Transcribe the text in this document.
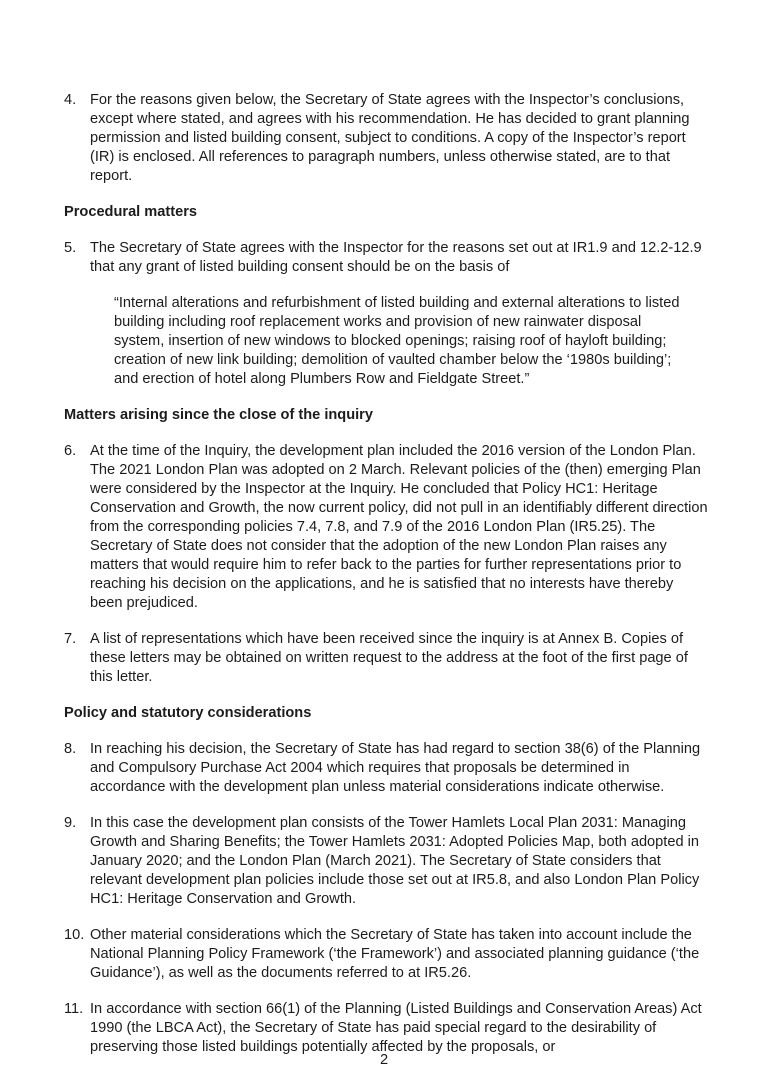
4. For the reasons given below, the Secretary of State agrees with the Inspector’s conclusions, except where stated, and agrees with his recommendation. He has decided to grant planning permission and listed building consent, subject to conditions. A copy of the Inspector’s report (IR) is enclosed. All references to paragraph numbers, unless otherwise stated, are to that report.
Procedural matters
5. The Secretary of State agrees with the Inspector for the reasons set out at IR1.9 and 12.2-12.9 that any grant of listed building consent should be on the basis of
“Internal alterations and refurbishment of listed building and external alterations to listed building including roof replacement works and provision of new rainwater disposal system, insertion of new windows to blocked openings; raising roof of hayloft building; creation of new link building; demolition of vaulted chamber below the ‘1980s building’; and erection of hotel along Plumbers Row and Fieldgate Street.”
Matters arising since the close of the inquiry
6. At the time of the Inquiry, the development plan included the 2016 version of the London Plan. The 2021 London Plan was adopted on 2 March. Relevant policies of the (then) emerging Plan were considered by the Inspector at the Inquiry. He concluded that Policy HC1: Heritage Conservation and Growth, the now current policy, did not pull in an identifiably different direction from the corresponding policies 7.4, 7.8, and 7.9 of the 2016 London Plan (IR5.25). The Secretary of State does not consider that the adoption of the new London Plan raises any matters that would require him to refer back to the parties for further representations prior to reaching his decision on the applications, and he is satisfied that no interests have thereby been prejudiced.
7. A list of representations which have been received since the inquiry is at Annex B. Copies of these letters may be obtained on written request to the address at the foot of the first page of this letter.
Policy and statutory considerations
8. In reaching his decision, the Secretary of State has had regard to section 38(6) of the Planning and Compulsory Purchase Act 2004 which requires that proposals be determined in accordance with the development plan unless material considerations indicate otherwise.
9. In this case the development plan consists of the Tower Hamlets Local Plan 2031: Managing Growth and Sharing Benefits; the Tower Hamlets 2031: Adopted Policies Map, both adopted in January 2020; and the London Plan (March 2021). The Secretary of State considers that relevant development plan policies include those set out at IR5.8, and also London Plan Policy HC1: Heritage Conservation and Growth.
10. Other material considerations which the Secretary of State has taken into account include the National Planning Policy Framework (‘the Framework’) and associated planning guidance (‘the Guidance’), as well as the documents referred to at IR5.26.
11. In accordance with section 66(1) of the Planning (Listed Buildings and Conservation Areas) Act 1990 (the LBCA Act), the Secretary of State has paid special regard to the desirability of preserving those listed buildings potentially affected by the proposals, or
2
